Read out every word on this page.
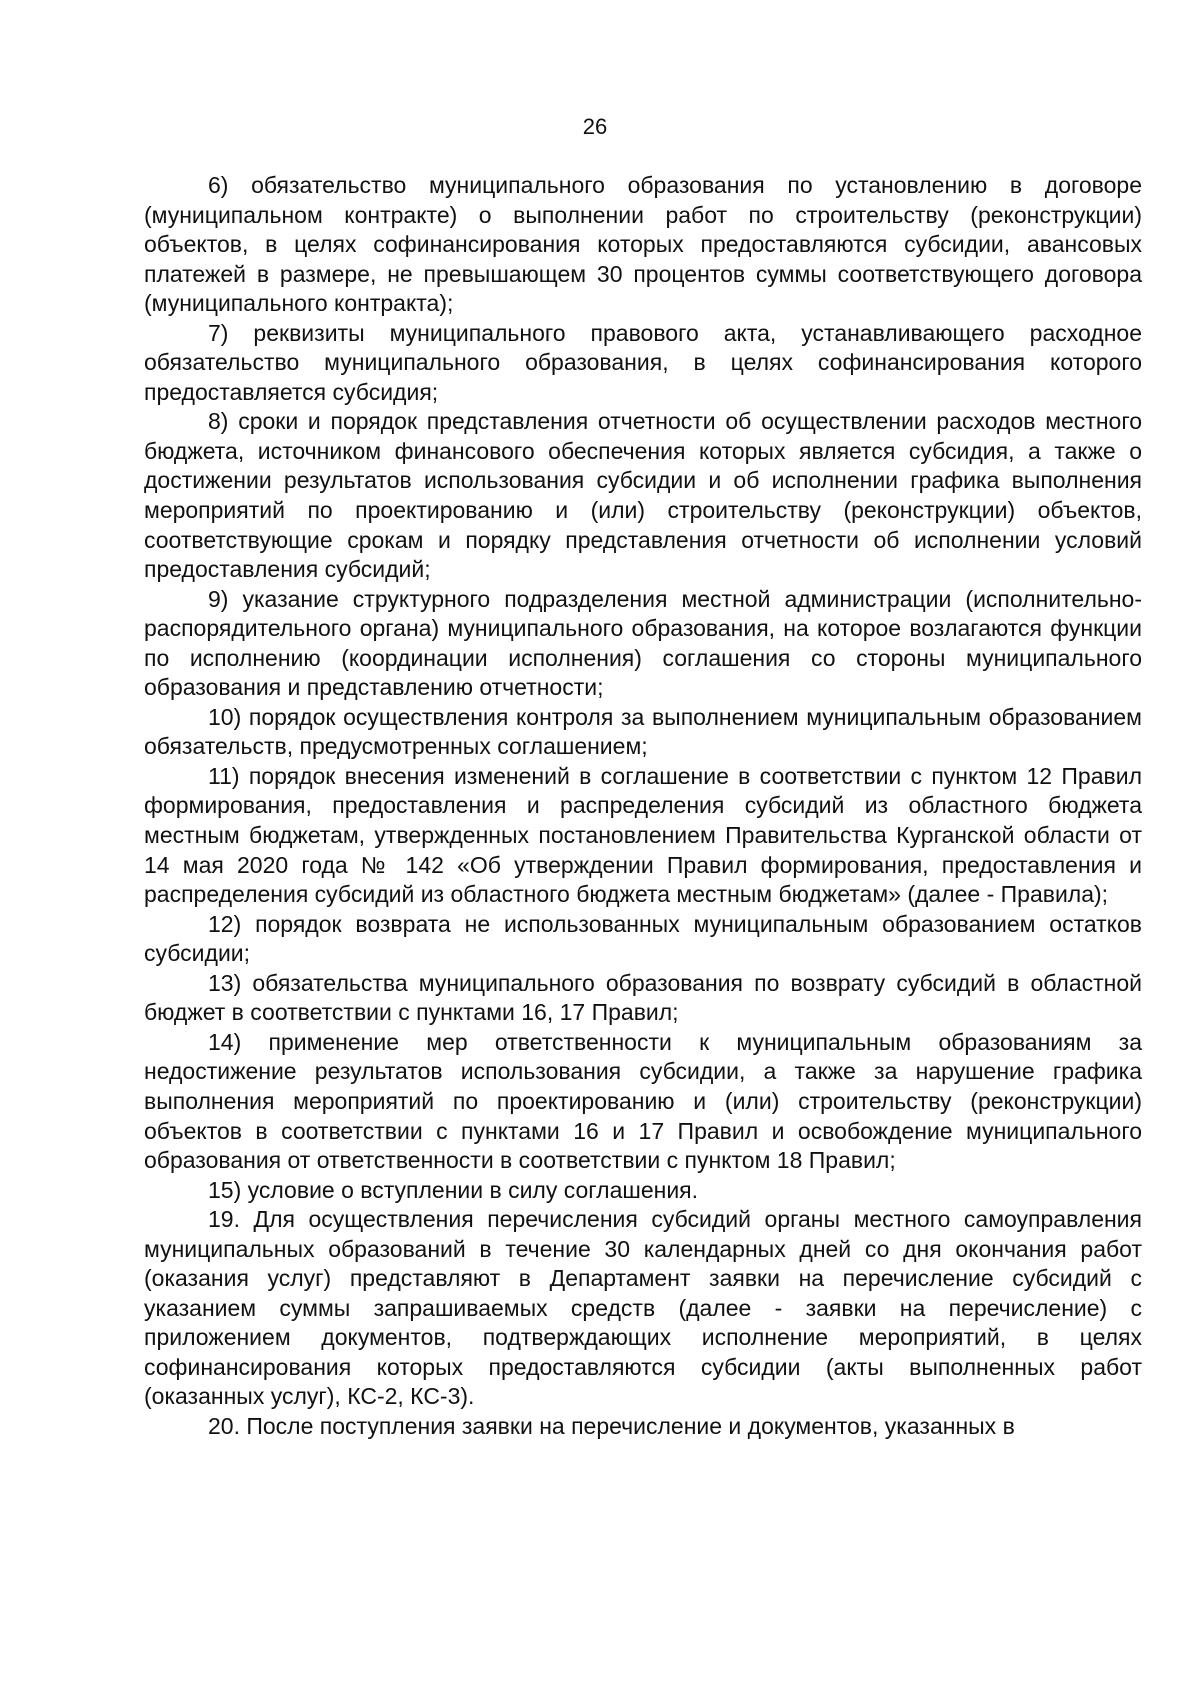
26

6) обязательство муниципального образования по установлению в договоре (муниципальном контракте) о выполнении работ по строительству (реконструкции) объектов, в целях софинансирования которых предоставляются субсидии, авансовых платежей в размере, не превышающем 30 процентов суммы соответствующего договора (муниципального контракта);

7) реквизиты муниципального правового акта, устанавливающего расходное обязательство муниципального образования, в целях софинансирования которого предоставляется субсидия;

8) сроки и порядок представления отчетности об осуществлении расходов местного бюджета, источником финансового обеспечения которых является субсидия, а также о достижении результатов использования субсидии и об исполнении графика выполнения мероприятий по проектированию и (или) строительству (реконструкции) объектов, соответствующие срокам и порядку представления отчетности об исполнении условий предоставления субсидий;

9) указание структурного подразделения местной администрации (исполнительно-распорядительного органа) муниципального образования, на которое возлагаются функции по исполнению (координации исполнения) соглашения со стороны муниципального образования и представлению отчетности;

10) порядок осуществления контроля за выполнением муниципальным образованием обязательств, предусмотренных соглашением;

11) порядок внесения изменений в соглашение в соответствии с пунктом 12 Правил формирования, предоставления и распределения субсидий из областного бюджета местным бюджетам, утвержденных постановлением Правительства Курганской области от 14 мая 2020 года № 142 «Об утверждении Правил формирования, предоставления и распределения субсидий из областного бюджета местным бюджетам» (далее - Правила);

12) порядок возврата не использованных муниципальным образованием остатков субсидии;

13) обязательства муниципального образования по возврату субсидий в областной бюджет в соответствии с пунктами 16, 17 Правил;

14) применение мер ответственности к муниципальным образованиям за недостижение результатов использования субсидии, а также за нарушение графика выполнения мероприятий по проектированию и (или) строительству (реконструкции) объектов в соответствии с пунктами 16 и 17 Правил и освобождение муниципального образования от ответственности в соответствии с пунктом 18 Правил;

15) условие о вступлении в силу соглашения.

19. Для осуществления перечисления субсидий органы местного самоуправления муниципальных образований в течение 30 календарных дней со дня окончания работ (оказания услуг) представляют в Департамент заявки на перечисление субсидий с указанием суммы запрашиваемых средств (далее - заявки на перечисление) с приложением документов, подтверждающих исполнение мероприятий, в целях софинансирования которых предоставляются субсидии (акты выполненных работ (оказанных услуг), КС-2, КС-3).

20. После поступления заявки на перечисление и документов, указанных в
